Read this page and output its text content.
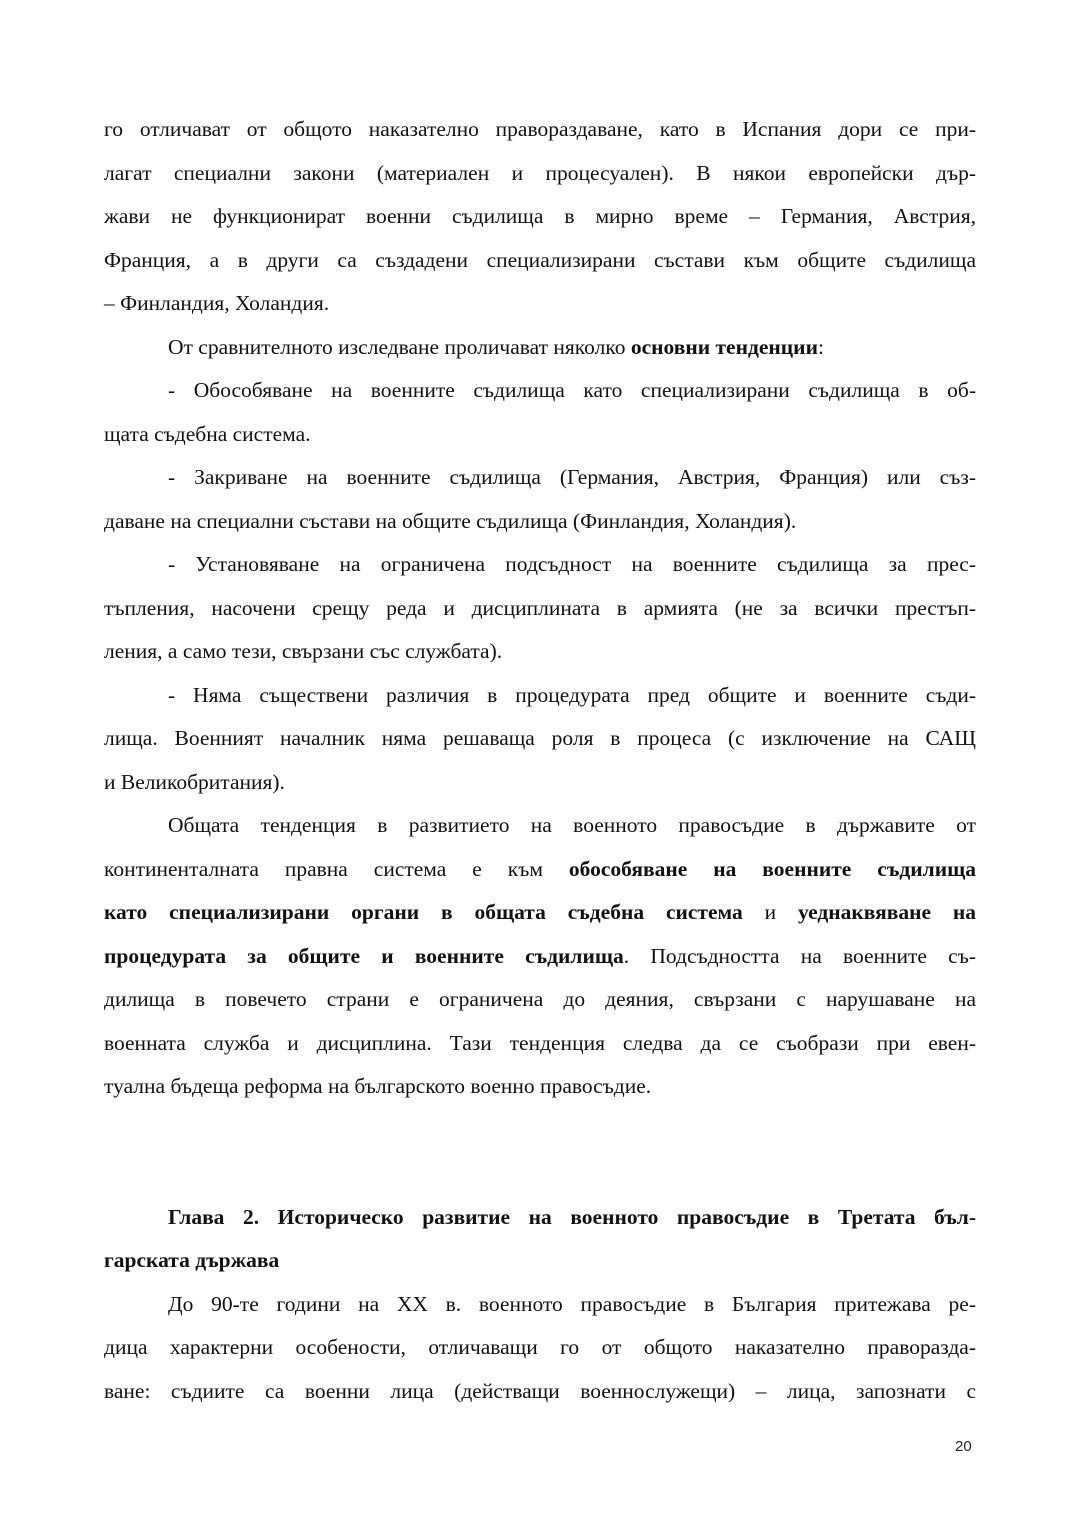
го отличават от общото наказателно правораздаване, като в Испания дори се при-
лагат специални закони (материален и процесуален). В някои европейски дър-
жави не функционират военни съдилища в мирно време – Германия, Австрия,
Франция, а в други са създадени специализирани състави към общите съдилища
– Финландия, Холандия.
От сравнителното изследване проличават няколко основни тенденции:
- Обособяване на военните съдилища като специализирани съдилища в об-
щата съдебна система.
- Закриване на военните съдилища (Германия, Австрия, Франция) или съз-
даване на специални състави на общите съдилища (Финландия, Холандия).
- Установяване на ограничена подсъдност на военните съдилища за прес-
тъпления, насочени срещу реда и дисциплината в армията (не за всички престъп-
ления, а само тези, свързани със службата).
- Няма съществени различия в процедурата пред общите и военните съди-
лища. Военният началник няма решаваща роля в процеса (с изключение на САЩ
и Великобритания).
Общата тенденция в развитието на военното правосъдие в държавите от
континенталната правна система е към обособяване на военните съдилища
като специализирани органи в общата съдебна система и уеднаквяване на
процедурата за общите и военните съдилища. Подсъдността на военните съ-
дилища в повечето страни е ограничена до деяния, свързани с нарушаване на
военната служба и дисциплина. Тази тенденция следва да се съобрази при евен-
туална бъдеща реформа на българското военно правосъдие.
Глава 2. Историческо развитие на военното правосъдие в Третата бъл-
гарската държава
До 90-те години на XX в. военното правосъдие в България притежава ре-
дица характерни особености, отличаващи го от общото наказателно праворазда-
ване: съдиите са военни лица (действащи военнослужещи) – лица, запознати с
20
